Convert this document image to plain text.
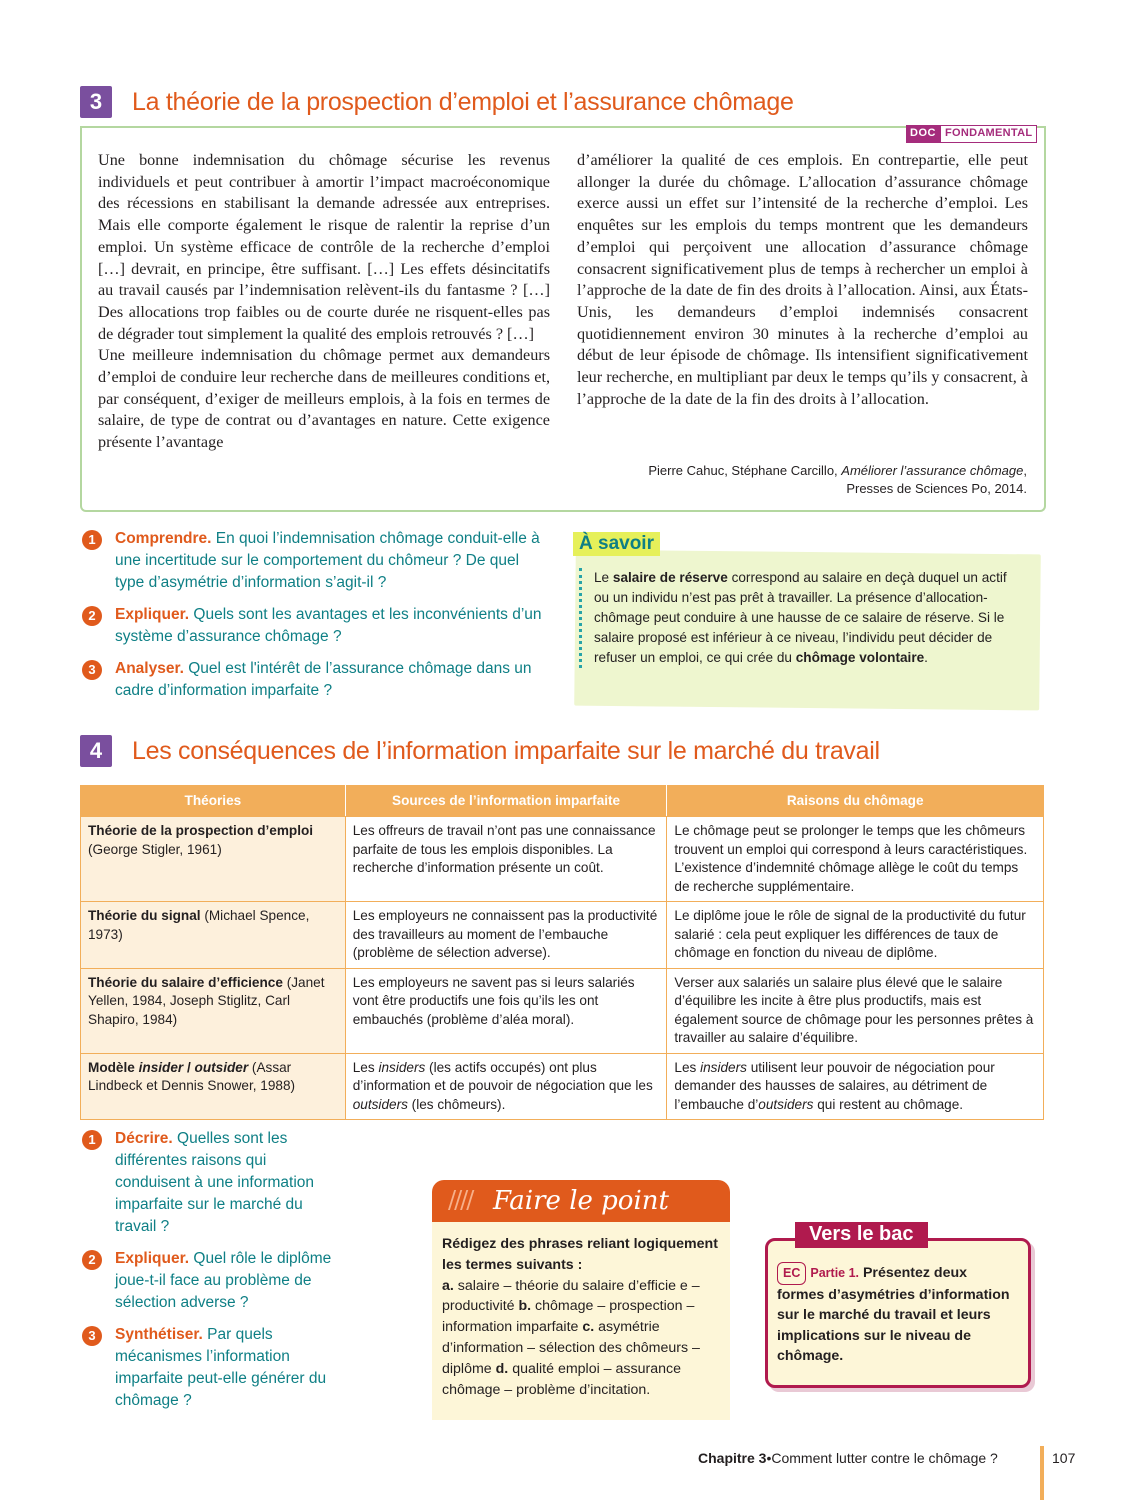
3	La théorie de la prospection d’emploi et l’assurance chômage
DOC FONDAMENTAL

Une bonne indemnisation du chômage sécurise les revenus individuels et peut contribuer à amortir l’impact macroéconomique des récessions en stabilisant la demande adressée aux entreprises. Mais elle comporte également le risque de ralentir la reprise d’un emploi. Un système efficace de contrôle de la recherche d’emploi […] devrait, en principe, être suffisant. […] Les effets désincitatifs au travail causés par l’indemnisation relèvent-ils du fantasme ? […] Des allocations trop faibles ou de courte durée ne risquent-elles pas de dégrader tout simplement la qualité des emplois retrouvés ? […]

Une meilleure indemnisation du chômage permet aux demandeurs d’emploi de conduire leur recherche dans de meilleures conditions et, par conséquent, d’exiger de meilleurs emplois, à la fois en termes de salaire, de type de contrat ou d’avantages en nature. Cette exigence présente l’avantage

d’améliorer la qualité de ces emplois. En contrepartie, elle peut allonger la durée du chômage. L’allocation d’assurance chômage exerce aussi un effet sur l’intensité de la recherche d’emploi. Les enquêtes sur les emplois du temps montrent que les demandeurs d’emploi qui perçoivent une allocation d’assurance chômage consacrent significativement plus de temps à rechercher un emploi à l’approche de la date de fin des droits à l’allocation. Ainsi, aux États-Unis, les demandeurs d’emploi indemnisés consacrent quotidiennement environ 30 minutes à la recherche d’emploi au début de leur épisode de chômage. Ils intensifient significativement leur recherche, en multipliant par deux le temps qu’ils y consacrent, à l’approche de la date de la fin des droits à l’allocation.

Pierre Cahuc, Stéphane Carcillo, Améliorer l’assurance chômage,
Presses de Sciences Po, 2014.
1	Comprendre. En quoi l’indemnisation chômage conduit-elle à une incertitude sur le comportement du chômeur ? De quel type d’asymétrie d’information s’agit-il ?
2	Expliquer. Quels sont les avantages et les inconvénients d’un système d’assurance chômage ?
3	Analyser. Quel est l'intérêt de l’assurance chômage dans un cadre d’information imparfaite ?
À savoir
Le salaire de réserve correspond au salaire en deçà duquel un actif ou un individu n’est pas prêt à travailler. La présence d’allocation-chômage peut conduire à une hausse de ce salaire de réserve. Si le salaire proposé est inférieur à ce niveau, l’individu peut décider de refuser un emploi, ce qui crée du chômage volontaire.
4	Les conséquences de l’information imparfaite sur le marché du travail
Théories	Sources de l’information imparfaite	Raisons du chômage
Théorie de la prospection d’emploi (George Stigler, 1961)	Les offreurs de travail n’ont pas une connaissance parfaite de tous les emplois disponibles. La recherche d’information présente un coût.	Le chômage peut se prolonger le temps que les chômeurs trouvent un emploi qui correspond à leurs caractéristiques. L’existence d’indemnité chômage allège le coût du temps de recherche supplémentaire.
Théorie du signal (Michael Spence, 1973)	Les employeurs ne connaissent pas la productivité des travailleurs au moment de l’embauche (problème de sélection adverse).	Le diplôme joue le rôle de signal de la productivité du futur salarié : cela peut expliquer les différences de taux de chômage en fonction du niveau de diplôme.
Théorie du salaire d’efficience (Janet Yellen, 1984, Joseph Stiglitz, Carl Shapiro, 1984)	Les employeurs ne savent pas si leurs salariés vont être productifs une fois qu’ils les ont embauchés (problème d’aléa moral).	Verser aux salariés un salaire plus élevé que le salaire d’équilibre les incite à être plus productifs, mais est également source de chômage pour les personnes prêtes à travailler au salaire d’équilibre.
Modèle insider / outsider (Assar Lindbeck et Dennis Snower, 1988)	Les insiders (les actifs occupés) ont plus d’information et de pouvoir de négociation que les outsiders (les chômeurs).	Les insiders utilisent leur pouvoir de négociation pour demander des hausses de salaires, au détriment de l’embauche d’outsiders qui restent au chômage.
1	Décrire. Quelles sont les différentes raisons qui conduisent à une information imparfaite sur le marché du travail ?
2	Expliquer. Quel rôle le diplôme joue-t-il face au problème de sélection adverse ?
3	Synthétiser. Par quels mécanismes l’information imparfaite peut-elle générer du chômage ?
//// Faire le point
Rédigez des phrases reliant logiquement les termes suivants :
a. salaire – théorie du salaire d’efficie e – productivité b. chômage – prospection – information imparfaite c. asymétrie d’information – sélection des chômeurs – diplôme d. qualité emploi – assurance chômage – problème d’incitation.
Vers le bac
EC Partie 1. Présentez deux formes d’asymétries d’information sur le marché du travail et leurs implications sur le niveau de chômage.
Chapitre 3 • Comment lutter contre le chômage ?	107
